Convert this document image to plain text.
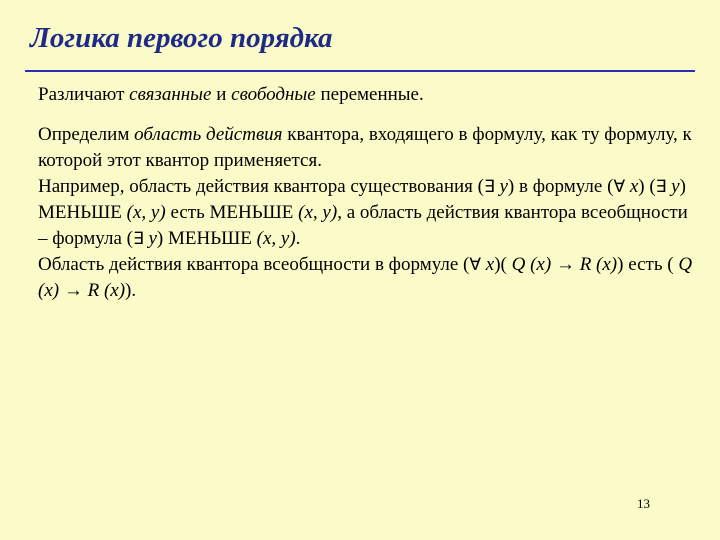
Логика первого порядка

Различают связанные и свободные переменные.

Определим область действия квантора, входящего в формулу, как ту формулу, к которой этот квантор применяется.

Например, область действия квантора существования (∃ y) в формуле (∀ x) (∃ y) МЕНЬШЕ (x, y) есть МЕНЬШЕ (x, y), а область действия квантора всеобщности – формула (∃ y) МЕНЬШЕ (x, y).

Область действия квантора всеобщности в формуле (∀ x)( Q (x) → R (x)) есть ( Q (x) → R (x)).

13
